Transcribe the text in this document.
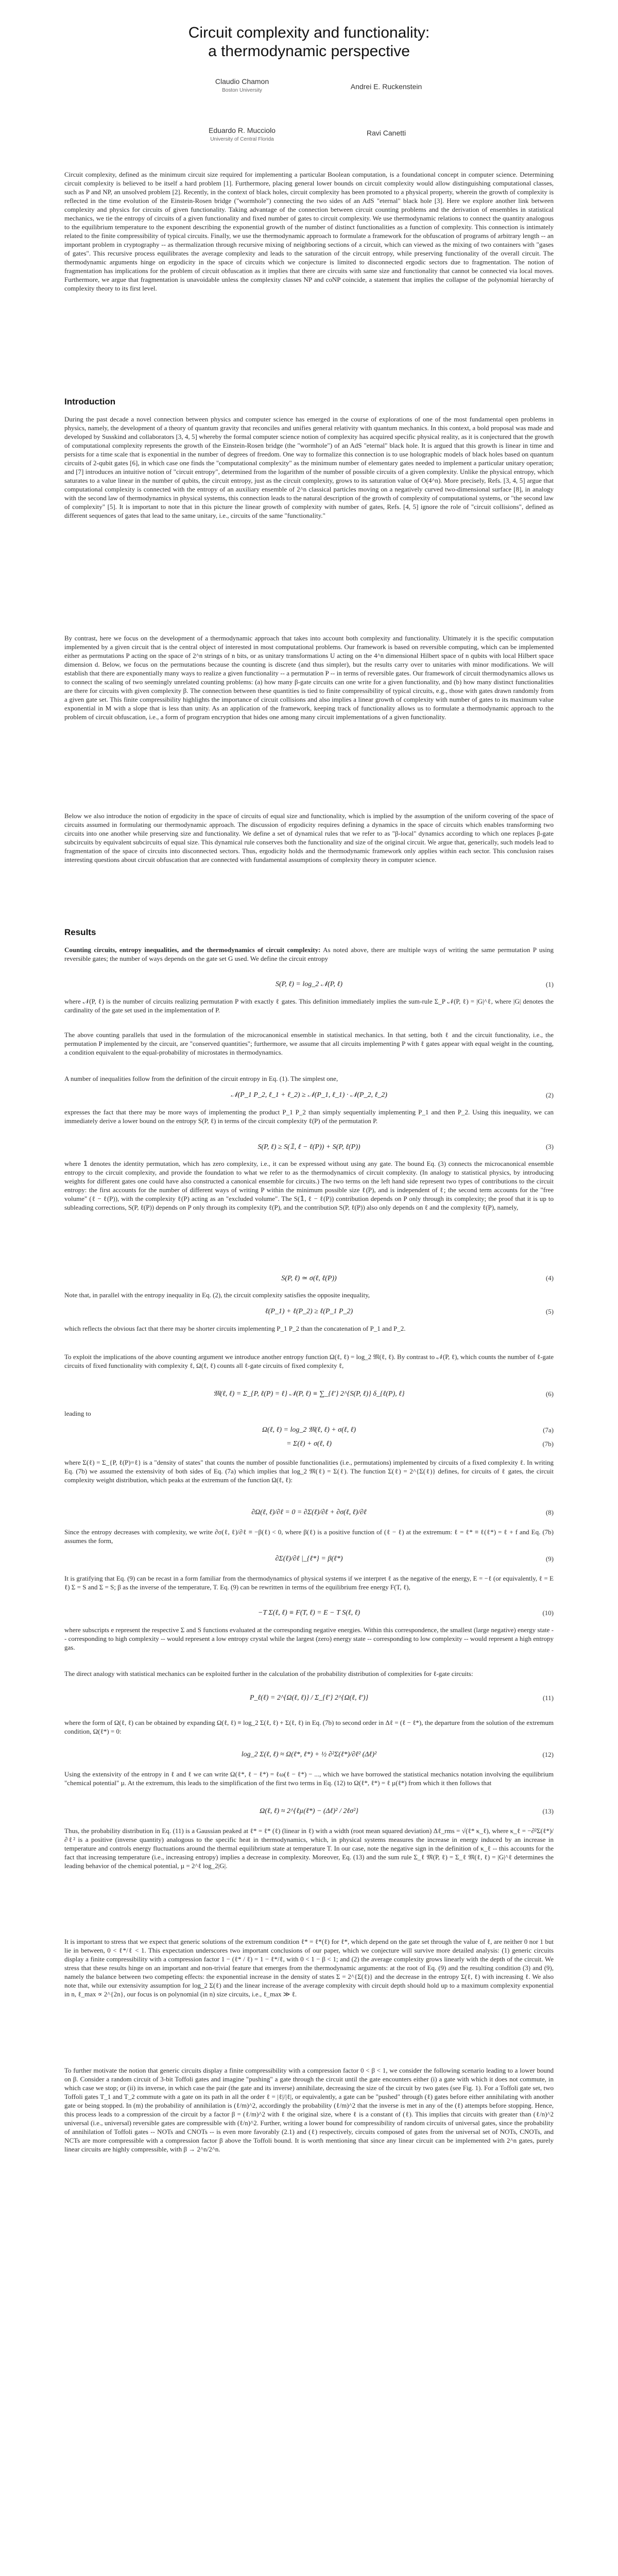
Circuit complexity and functionality:
a thermodynamic perspective
Claudio Chamon
Boston University	Andrei E. Ruckenstein
Eduardo R. Mucciolo
University of Central Florida
Ravi Canetti

Circuit complexity, defined as the minimum circuit size required for implementing a particular Boolean computation, is a foundational concept in computer science. Determining circuit complexity is believed to be itself a hard problem [1]. Furthermore, placing general lower bounds on circuit complexity would allow distinguishing computational classes, such as P and NP, an unsolved problem [2]. Recently, in the context of black holes, circuit complexity has been promoted to a physical property, wherein the growth of complexity is reflected in the time evolution of the Einstein-Rosen bridge ("wormhole") connecting the two sides of an AdS "eternal" black hole [3]. Here we explore another link between complexity and physics for circuits of given functionality. Taking advantage of the connection between circuit counting problems and the derivation of ensembles in statistical mechanics, we tie the entropy of circuits of a given functionality and fixed number of gates to circuit complexity. We use thermodynamic relations to connect the quantity analogous to the equilibrium temperature to the exponent describing the exponential growth of the number of distinct functionalities as a function of complexity. This connection is intimately related to the finite compressibility of typical circuits. Finally, we use the thermodynamic approach to formulate a framework for the obfuscation of programs of arbitrary length -- an important problem in cryptography -- as thermalization through recursive mixing of neighboring sections of a circuit, which can viewed as the mixing of two containers with "gases of gates". This recursive process equilibrates the average complexity and leads to the saturation of the circuit entropy, while preserving functionality of the overall circuit. The thermodynamic arguments hinge on ergodicity in the space of circuits which we conjecture is limited to disconnected ergodic sectors due to fragmentation. The notion of fragmentation has implications for the problem of circuit obfuscation as it implies that there are circuits with same size and functionality that cannot be connected via local moves. Furthermore, we argue that fragmentation is unavoidable unless the complexity classes NP and coNP coincide, a statement that implies the collapse of the polynomial hierarchy of complexity theory to its first level.

Introduction

During the past decade a novel connection between physics and computer science has emerged in the course of explorations of one of the most fundamental open problems in physics, namely, the development of a theory of quantum gravity that reconciles and unifies general relativity with quantum mechanics. In this context, a bold proposal was made and developed by Susskind and collaborators [3, 4, 5] whereby the formal computer science notion of complexity has acquired specific physical reality, as it is conjectured that the growth of computational complexity represents the growth of the Einstein-Rosen bridge (the "wormhole") of an AdS "eternal" black hole. It is argued that this growth is linear in time and persists for a time scale that is exponential in the number of degrees of freedom. One way to formalize this connection is to use holographic models of black holes based on quantum circuits of 2-qubit gates [6], in which case one finds the "computational complexity" as the minimum number of elementary gates needed to implement a particular unitary operation; and [7] introduces an intuitive notion of "circuit entropy", determined from the logarithm of the number of possible circuits of a given complexity. Unlike the physical entropy, which saturates to a value linear in the number of qubits, the circuit entropy, just as the circuit complexity, grows to its saturation value of O(4^n). More precisely, Refs. [3, 4, 5] argue that computational complexity is connected with the entropy of an auxiliary ensemble of 2^n classical particles moving on a negatively curved two-dimensional surface [8], in analogy with the second law of thermodynamics in physical systems, this connection leads to the natural description of the growth of complexity of computational systems, or "the second law of complexity" [5]. It is important to note that in this picture the linear growth of complexity with number of gates, Refs. [4, 5] ignore the role of "circuit collisions", defined as different sequences of gates that lead to the same unitary, i.e., circuits of the same "functionality."

By contrast, here we focus on the development of a thermodynamic approach that takes into account both complexity and functionality. Ultimately it is the specific computation implemented by a given circuit that is the central object of interested in most computational problems. Our framework is based on reversible computing, which can be implemented either as permutations P acting on the space of 2^n strings of n bits, or as unitary transformations U acting on the 4^n dimensional Hilbert space of n qubits with local Hilbert space dimension d. Below, we focus on the permutations because the counting is discrete (and thus simpler), but the results carry over to unitaries with minor modifications. We will establish that there are exponentially many ways to realize a given functionality -- a permutation P -- in terms of reversible gates. Our framework of circuit thermodynamics allows us to connect the scaling of two seemingly unrelated counting problems: (a) how many β-gate circuits can one write for a given functionality, and (b) how many distinct functionalities are there for circuits with given complexity β. The connection between these quantities is tied to finite compressibility of typical circuits, e.g., those with gates drawn randomly from a given gate set. This finite compressibility highlights the importance of circuit collisions and also implies a linear growth of complexity with number of gates to its maximum value exponential in M with a slope that is less than unity. As an application of the framework, keeping track of functionality allows us to formulate a thermodynamic approach to the problem of circuit obfuscation, i.e., a form of program encryption that hides one among many circuit implementations of a given functionality.

Below we also introduce the notion of ergodicity in the space of circuits of equal size and functionality, which is implied by the assumption of the uniform covering of the space of circuits assumed in formulating our thermodynamic approach. The discussion of ergodicity requires defining a dynamics in the space of circuits which enables transforming two circuits into one another while preserving size and functionality. We define a set of dynamical rules that we refer to as "β-local" dynamics according to which one replaces β-gate subcircuits by equivalent subcircuits of equal size. This dynamical rule conserves both the functionality and size of the original circuit. We argue that, generically, such models lead to fragmentation of the space of circuits into disconnected sectors. Thus, ergodicity holds and the thermodynamic framework only applies within each sector. This conclusion raises interesting questions about circuit obfuscation that are connected with fundamental assumptions of complexity theory in computer science.

Results

Counting circuits, entropy inequalities, and the thermodynamics of circuit complexity: As noted above, there are multiple ways of writing the same permutation P using reversible gates; the number of ways depends on the gate set G used. We define the circuit entropy

S(P, ℓ) = log_2 𝒩(P, ℓ)	(1)

where 𝒩(P, ℓ) is the number of circuits realizing permutation P with exactly ℓ gates. This definition immediately implies the sum-rule Σ_P 𝒩(P, ℓ) = |G|^ℓ, where |G| denotes the cardinality of the gate set used in the implementation of P.

The above counting parallels that used in the formulation of the microcanonical ensemble in statistical mechanics. In that setting, both ℓ and the circuit functionality, i.e., the permutation P implemented by the circuit, are "conserved quantities"; furthermore, we assume that all circuits implementing P with ℓ gates appear with equal weight in the counting, a condition equivalent to the equal-probability of microstates in thermodynamics.

A number of inequalities follow from the definition of the circuit entropy in Eq. (1). The simplest one,

𝒩(P_1 P_2, ℓ_1 + ℓ_2) ≥ 𝒩(P_1, ℓ_1) · 𝒩(P_2, ℓ_2)	(2)

expresses the fact that there may be more ways of implementing the product P_1 P_2 than simply sequentially implementing P_1 and then P_2. Using this inequality, we can immediately derive a lower bound on the entropy S(P, ℓ) in terms of the circuit complexity ℓ(P) of the permutation P.

S(P, ℓ) ≥ S(𝟙, ℓ − ℓ(P)) + S(P, ℓ(P))	(3)

where 𝟙 denotes the identity permutation, which has zero complexity, i.e., it can be expressed without using any gate. The bound Eq. (3) connects the microcanonical ensemble entropy to the circuit complexity, and provide the foundation to what we refer to as the thermodynamics of circuit complexity. (In analogy to statistical physics, by introducing weights for different gates one could have also constructed a canonical ensemble for circuits.) The two terms on the left hand side represent two types of contributions to the circuit entropy: the first accounts for the number of different ways of writing P within the minimum possible size ℓ(P), and is independent of ℓ; the second term accounts for the "free volume" (ℓ − ℓ(P)), with the complexity ℓ(P) acting as an "excluded volume". The S(𝟙, ℓ − ℓ(P)) contribution depends on P only through its complexity; the proof that it is up to subleading corrections, S(P, ℓ(P)) depends on P only through its complexity ℓ(P), and the contribution S(P, ℓ(P)) also only depends on ℓ and the complexity ℓ(P), namely,

S(P, ℓ) ≃ σ(ℓ, ℓ(P))	(4)

Note that, in parallel with the entropy inequality in Eq. (2), the circuit complexity satisfies the opposite inequality,

ℓ(P_1) + ℓ(P_2) ≥ ℓ(P_1 P_2)	(5)

which reflects the obvious fact that there may be shorter circuits implementing P_1 P_2 than the concatenation of P_1 and P_2.

To exploit the implications of the above counting argument we introduce another entropy function Ω(ℓ, ℓ) = log_2 𝔐(ℓ, ℓ). By contrast to 𝒩(P, ℓ), which counts the number of ℓ-gate circuits of fixed functionality with complexity ℓ, Ω(ℓ, ℓ) counts all ℓ-gate circuits of fixed complexity ℓ,

𝔐(ℓ, ℓ) = Σ_{P, ℓ(P) = ℓ} 𝒩(P, ℓ) ≡ ∑_{ℓ′} 2^{S(P, ℓ)} δ_{ℓ(P), ℓ}	(6)

leading to

Ω(ℓ, ℓ) = log_2 𝔐(ℓ, ℓ) + σ(ℓ, ℓ)	(7a)
= Σ(ℓ) + σ(ℓ, ℓ)	(7b)

where Σ(ℓ) = Σ_{P, ℓ(P)=ℓ} is a "density of states" that counts the number of possible functionalities (i.e., permutations) implemented by circuits of a fixed complexity ℓ. In writing Eq. (7b) we assumed the extensivity of both sides of Eq. (7a) which implies that log_2 𝔐(ℓ) = Σ(ℓ). The function Σ(ℓ) = 2^{Σ(ℓ)} defines, for circuits of ℓ gates, the circuit complexity weight distribution, which peaks at the extremum of the function Ω(ℓ, ℓ):

∂Ω(ℓ, ℓ)/∂ℓ = 0 = ∂Σ(ℓ)/∂ℓ + ∂σ(ℓ, ℓ)/∂ℓ	(8)

Since the entropy decreases with complexity, we write ∂σ(ℓ, ℓ)/∂ℓ ≡ −β(ℓ) < 0, where β(ℓ) is a positive function of (ℓ − ℓ) at the extremum: ℓ = ℓ* ≡ ℓ(ℓ*) = ℓ + f and Eq. (7b) assumes the form,

∂Σ(ℓ)/∂ℓ |_{ℓ*} = β(ℓ*)	(9)

It is gratifying that Eq. (9) can be recast in a form familiar from the thermodynamics of physical systems if we interpret ℓ as the negative of the energy, E = −ℓ (or equivalently, ℓ = E ℓ) Σ = S and Σ = S; β as the inverse of the temperature, T. Eq. (9) can be rewritten in terms of the equilibrium free energy F(T, ℓ),

−T Σ(ℓ, ℓ) ≡ F(T, ℓ) = E − T S(ℓ, ℓ)	(10)

where subscripts e represent the respective Σ and S functions evaluated at the corresponding negative energies. Within this correspondence, the smallest (large negative) energy state -- corresponding to high complexity -- would represent a low entropy crystal while the largest (zero) energy state -- corresponding to low complexity -- would represent a high entropy gas.

The direct analogy with statistical mechanics can be exploited further in the calculation of the probability distribution of complexities for ℓ-gate circuits:

P_ℓ(ℓ) = 2^{Ω(ℓ, ℓ)} / Σ_{ℓ′} 2^{Ω(ℓ, ℓ′)}	(11)

where the form of Ω(ℓ, ℓ) can be obtained by expanding Ω(ℓ, ℓ) ≡ log_2 Σ(ℓ, ℓ) + Σ(ℓ, ℓ) in Eq. (7b) to second order in Δℓ = (ℓ − ℓ*), the departure from the solution of the extremum condition, Ω(ℓ*) = 0:

log_2 Σ(ℓ, ℓ) ≈ Ω(ℓ*, ℓ*) + ½ ∂²Σ(ℓ*)/∂ℓ² (Δℓ)²	(12)

Using the extensivity of the entropy in ℓ and ℓ we can write Ω(ℓ*, ℓ − ℓ*) = ℓω(ℓ − ℓ*) − ..., which we have borrowed the statistical mechanics notation involving the equilibrium "chemical potential" µ. At the extremum, this leads to the simplification of the first two terms in Eq. (12) to Ω(ℓ*, ℓ*) = ℓ µ(ℓ*) from which it then follows that

Ω(ℓ, ℓ) ≈ 2^{ℓµ(ℓ*) − (Δℓ)² / 2ℓσ²}	(13)

Thus, the probability distribution in Eq. (11) is a Gaussian peaked at ℓ* = ℓ* (ℓ) (linear in ℓ) with a width (root mean squared deviation) Δℓ_rms = √(ℓ* κ_ℓ), where κ_ℓ = −∂²Σ(ℓ*)/∂ℓ² is a positive (inverse quantity) analogous to the specific heat in thermodynamics, which, in physical systems measures the increase in energy induced by an increase in temperature and controls energy fluctuations around the thermal equilibrium state at temperature T. In our case, note the negative sign in the definition of κ_ℓ -- this accounts for the fact that increasing temperature (i.e., increasing entropy) implies a decrease in complexity. Moreover, Eq. (13) and the sum rule Σ_ℓ 𝔐(P, ℓ) = Σ_ℓ 𝔐(ℓ, ℓ) = |G|^ℓ determines the leading behavior of the chemical potential, µ = 2^ℓ log_2|G|.

It is important to stress that we expect that generic solutions of the extremum condition ℓ* = ℓ*(ℓ) for ℓ*, which depend on the gate set through the value of ℓ, are neither 0 nor 1 but lie in between, 0 < ℓ*/ℓ < 1. This expectation underscores two important conclusions of our paper, which we conjecture will survive more detailed analysis: (1) generic circuits display a finite compressibility with a compression factor 1 − (ℓ* / ℓ) = 1 − ℓ*/ℓ, with 0 < 1 − β < 1; and (2) the average complexity grows linearly with the depth of the circuit. We stress that these results hinge on an important and non-trivial feature that emerges from the thermodynamic arguments: at the root of Eq. (9) and the resulting condition (3) and (9), namely the balance between two competing effects: the exponential increase in the density of states Σ = 2^{Σ(ℓ)} and the decrease in the entropy Σ(ℓ, ℓ) with increasing ℓ. We also note that, while our extensivity assumption for log_2 Σ(ℓ) and the linear increase of the average complexity with circuit depth should hold up to a maximum complexity exponential in n, ℓ_max ∝ 2^{2n}, our focus is on polynomial (in n) size circuits, i.e., ℓ_max ≫ ℓ.

To further motivate the notion that generic circuits display a finite compressibility with a compression factor 0 < β < 1, we consider the following scenario leading to a lower bound on β. Consider a random circuit of 3-bit Toffoli gates and imagine "pushing" a gate through the circuit until the gate encounters either (i) a gate with which it does not commute, in which case we stop; or (ii) its inverse, in which case the pair (the gate and its inverse) annihilate, decreasing the size of the circuit by two gates (see Fig. 1). For a Toffoli gate set, two Toffoli gates T_1 and T_2 commute with a gate on its path in all the order ℓ = |ℓ|/|ℓ|, or equivalently, a gate can be "pushed" through (ℓ) gates before either annihilating with another gate or being stopped. In (m) the probability of annihilation is (ℓ/m)^2, accordingly the probability (ℓ/m)^2 that the inverse is met in any of the (ℓ) attempts before stopping. Hence, this process leads to a compression of the circuit by a factor β = (ℓ/m)^2 with ℓ the original size, where ℓ is a constant of (ℓ). This implies that circuits with greater than (ℓ/n)^2 universal (i.e., universal) reversible gates are compressible with (ℓ/n)^2. Further, writing a lower bound for compressibility of random circuits of universal gates, since the probability of annihilation of Toffoli gates -- NOTs and CNOTs -- is even more favorably (2.1) and (ℓ) respectively, circuits composed of gates from the universal set of NOTs, CNOTs, and NCTs are more compressible with a compression factor β above the Toffoli bound. It is worth mentioning that since any linear circuit can be implemented with 2^n gates, purely linear circuits are highly compressible, with β → 2^n/2^n.
